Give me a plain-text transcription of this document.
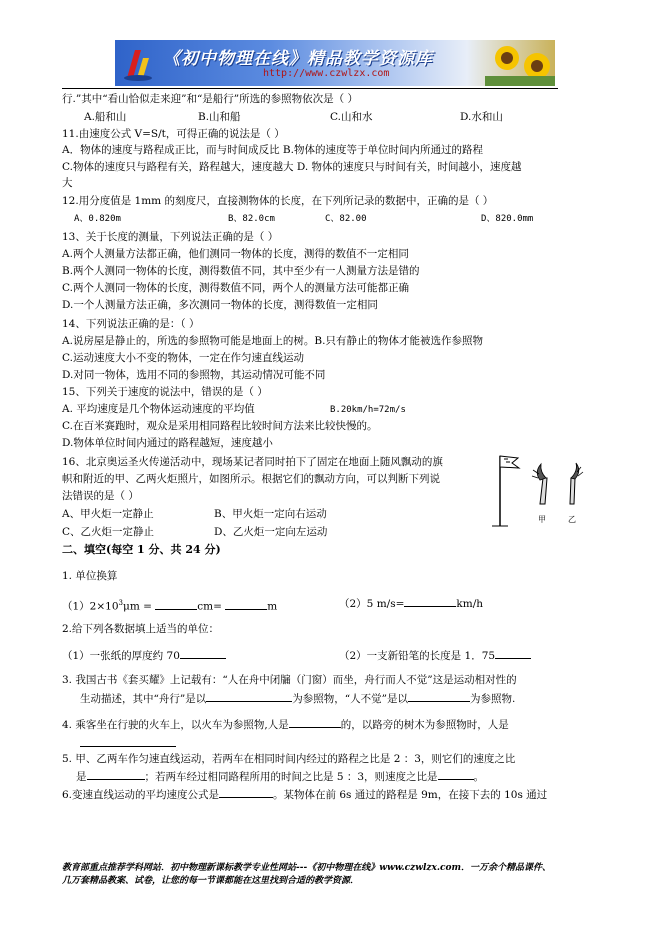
《初中物理在线》精品教学资源库
http://www.czwlzx.com
行.”其中“看山恰似走来迎”和“是船行”所选的参照物依次是（ ）
A.船和山	B.山和船	C.山和水	D.水和山
11.由速度公式 V=S/t，可得正确的说法是（ ）
A．物体的速度与路程成正比，而与时间成反比 B.物体的速度等于单位时间内所通过的路程
C.物体的速度只与路程有关，路程越大，速度越大 D. 物体的速度只与时间有关，时间越小，速度越
大
12.用分度值是 1mm 的刻度尺，直接测物体的长度，在下列所记录的数据中，正确的是（ ）
A、0.820m	B、82.0cm	C、82.00	D、820.0mm
13、关于长度的测量，下列说法正确的是（ ）
A.两个人测量方法都正确，他们测同一物体的长度，测得的数值不一定相同
B.两个人测同一物体的长度，测得数值不同，其中至少有一人测量方法是错的
C.两个人测同一物体的长度，测得数值不同，两个人的测量方法可能都正确
D.一个人测量方法正确，多次测同一物体的长度，测得数值一定相同
14、下列说法正确的是：（ ）
A.说房屋是静止的，所选的参照物可能是地面上的树。B.只有静止的物体才能被选作参照物
C.运动速度大小不变的物体，一定在作匀速直线运动
D.对同一物体，选用不同的参照物，其运动情况可能不同
15、下列关于速度的说法中，错误的是（ ）
A. 平均速度是几个物体运动速度的平均值	B.20km/h=72m/s
C.在百米赛跑时，观众是采用相同路程比较时间方法来比较快慢的。
D.物体单位时间内通过的路程越短，速度越小
16、北京奥运圣火传递活动中，现场某记者同时拍下了固定在地面上随风飘动的旗
帜和附近的甲、乙两火炬照片，如图所示。根据它们的飘动方向，可以判断下列说
法错误的是（ ）
A、甲火炬一定静止	B、甲火炬一定向右运动
C、乙火炬一定静止	D、乙火炬一定向左运动
甲	乙
二、填空(每空 1 分、共 24 分)
1. 单位换算
$(1)2\times 10^3\mu m$ =	cm=	m	（2）5 m/s=	km/h
2.给下列各数据填上适当的单位：
（1）一张纸的厚度约 70	（2）一支新铅笔的长度是 1．75
3. 我国古书《套买耀》上记载有：“人在舟中闭牖（门窗）而坐，舟行而人不觉”这是运动相对性的
生动描述，其中“舟行”是以	为参照物，“人不觉”是以	为参照物.
4. 乘客坐在行驶的火车上，以火车为参照物,人是	的，以路旁的树木为参照物时，人是
5. 甲、乙两车作匀速直线运动，若两车在相同时间内经过的路程之比是 2 ：3，则它们的速度之比
是	；若两车经过相同路程所用的时间之比是 5 ：3，则速度之比是	。
6.变速直线运动的平均速度公式是	。某物体在前 6s 通过的路程是 9m，在接下去的 10s 通过
教育部重点推荐学科网站．初中物理新课标教学专业性网站---《初中物理在线》www.czwlzx.com．一万余个精品课件、
几万套精品教案、试卷，让您的每一节课都能在这里找到合适的教学资源．
